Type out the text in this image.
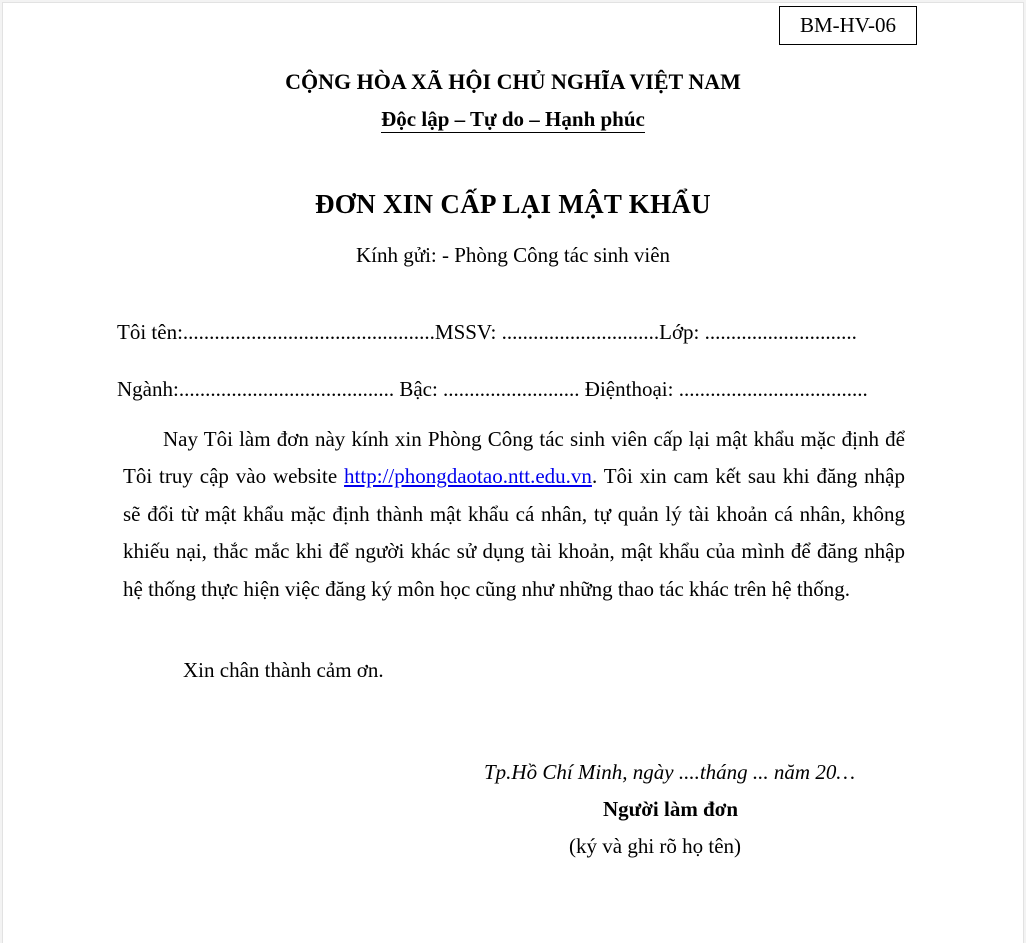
BM-HV-06
CỘNG HÒA XÃ HỘI CHỦ NGHĨA VIỆT NAM
Độc lập – Tự do – Hạnh phúc
ĐƠN XIN CẤP LẠI MẬT KHẨU
Kính gửi: - Phòng Công tác sinh viên
Tôi tên:................................................MSSV: ..............................Lớp: .............................
Ngành:......................................... Bậc: .......................... Điệnthoại: ....................................
Nay Tôi làm đơn này kính xin Phòng Công tác sinh viên cấp lại mật khẩu mặc định để Tôi truy cập vào website http://phongdaotao.ntt.edu.vn. Tôi xin cam kết sau khi đăng nhập sẽ đổi từ mật khẩu mặc định thành mật khẩu cá nhân, tự quản lý tài khoản cá nhân, không khiếu nại, thắc mắc khi để người khác sử dụng tài khoản, mật khẩu của mình để đăng nhập hệ thống thực hiện việc đăng ký môn học cũng như những thao tác khác trên hệ thống.
Xin chân thành cảm ơn.
Tp.Hồ Chí Minh, ngày ....tháng ... năm 20…
Người làm đơn
(ký và ghi rõ họ tên)
